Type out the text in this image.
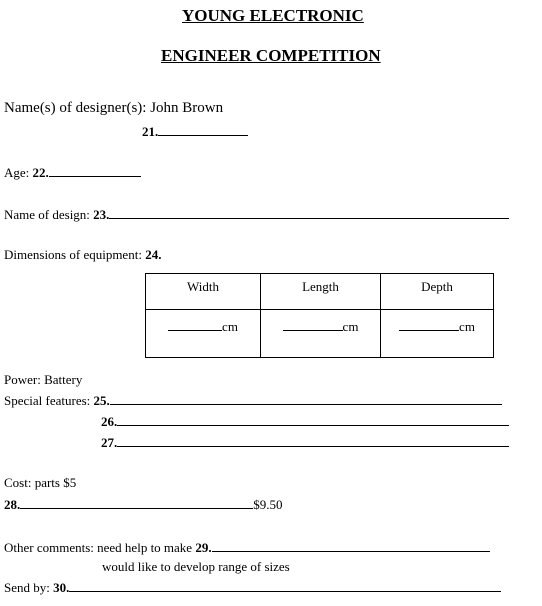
YOUNG ELECTRONIC
ENGINEER COMPETITION
Name(s) of designer(s): John Brown
21.
Age: 22.
Name of design: 23.
Dimensions of equipment: 24.
Width	Length	Depth
cm	cm	cm
Power: Battery
Special features: 25.
26.
27.
Cost: parts $5
28.	$9.50
Other comments: need help to make 29.
would like to develop range of sizes
Send by: 30.
